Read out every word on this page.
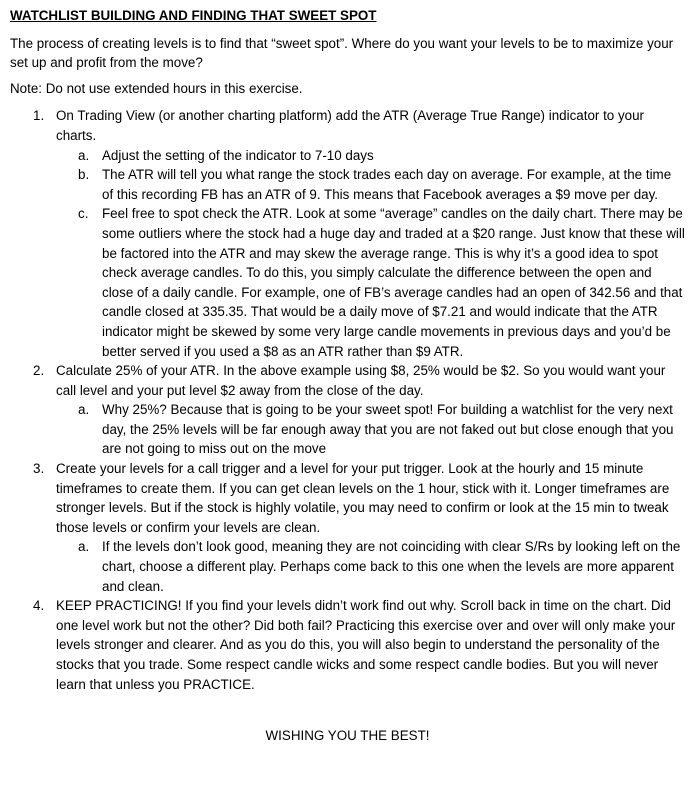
WATCHLIST BUILDING AND FINDING THAT SWEET SPOT

The process of creating levels is to find that “sweet spot”. Where do you want your levels to be to maximize your set up and profit from the move?

Note: Do not use extended hours in this exercise.

1. On Trading View (or another charting platform) add the ATR (Average True Range) indicator to your charts.
a. Adjust the setting of the indicator to 7-10 days
b. The ATR will tell you what range the stock trades each day on average. For example, at the time of this recording FB has an ATR of 9. This means that Facebook averages a $9 move per day.
c. Feel free to spot check the ATR. Look at some “average” candles on the daily chart. There may be some outliers where the stock had a huge day and traded at a $20 range. Just know that these will be factored into the ATR and may skew the average range. This is why it’s a good idea to spot check average candles. To do this, you simply calculate the difference between the open and close of a daily candle. For example, one of FB’s average candles had an open of 342.56 and that candle closed at 335.35. That would be a daily move of $7.21 and would indicate that the ATR indicator might be skewed by some very large candle movements in previous days and you’d be better served if you used a $8 as an ATR rather than $9 ATR.
2. Calculate 25% of your ATR. In the above example using $8, 25% would be $2. So you would want your call level and your put level $2 away from the close of the day.
a. Why 25%? Because that is going to be your sweet spot! For building a watchlist for the very next day, the 25% levels will be far enough away that you are not faked out but close enough that you are not going to miss out on the move
3. Create your levels for a call trigger and a level for your put trigger. Look at the hourly and 15 minute timeframes to create them. If you can get clean levels on the 1 hour, stick with it. Longer timeframes are stronger levels. But if the stock is highly volatile, you may need to confirm or look at the 15 min to tweak those levels or confirm your levels are clean.
a. If the levels don’t look good, meaning they are not coinciding with clear S/Rs by looking left on the chart, choose a different play. Perhaps come back to this one when the levels are more apparent and clean.
4. KEEP PRACTICING! If you find your levels didn’t work find out why. Scroll back in time on the chart. Did one level work but not the other? Did both fail? Practicing this exercise over and over will only make your levels stronger and clearer. And as you do this, you will also begin to understand the personality of the stocks that you trade. Some respect candle wicks and some respect candle bodies. But you will never learn that unless you PRACTICE.
WISHING YOU THE BEST!
